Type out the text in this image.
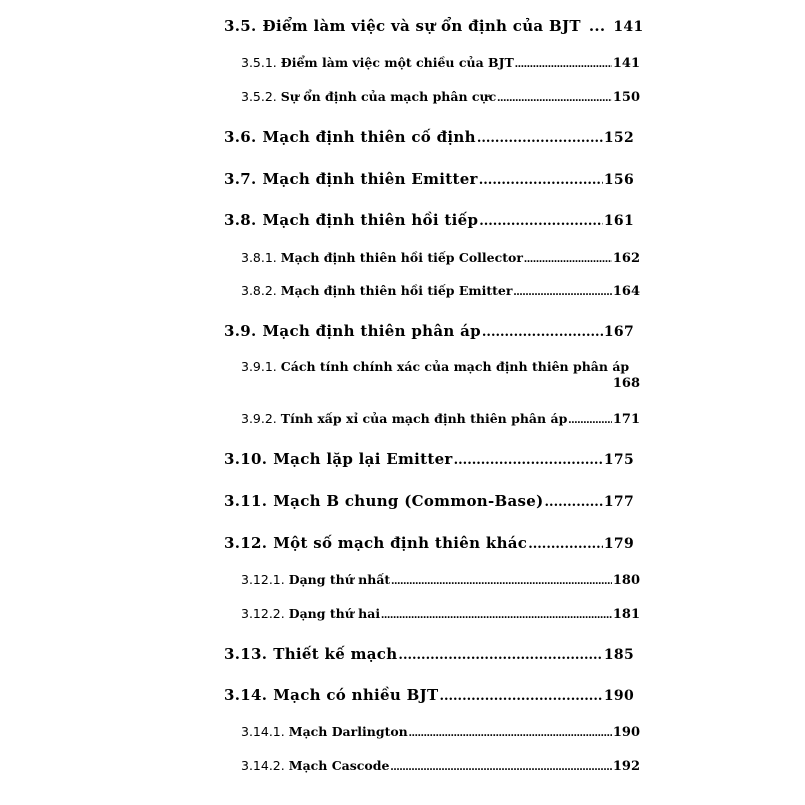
3.5. Điểm làm việc và sự ổn định của BJT ... 141
3.5.1. Điểm làm việc một chiều của BJT .....	141
3.5.2. Sự ổn định của mạch phân cực .....	150
3.6. Mạch định thiên cố định .....	152
3.7. Mạch định thiên Emitter .....	156
3.8. Mạch định thiên hồi tiếp .....	161
3.8.1. Mạch định thiên hồi tiếp Collector .....	162
3.8.2. Mạch định thiên hồi tiếp Emitter .....	164
3.9. Mạch định thiên phân áp .....	167
3.9.1. Cách tính chính xác của mạch định thiên phân áp
168
3.9.2. Tính xấp xỉ của mạch định thiên phân áp .....	171
3.10. Mạch lặp lại Emitter .....	175
3.11. Mạch B chung (Common-Base) .....	177
3.12. Một số mạch định thiên khác .....	179
3.12.1. Dạng thứ nhất .....	180
3.12.2. Dạng thứ hai .....	181
3.13. Thiết kế mạch .....	185
3.14. Mạch có nhiều BJT .....	190
3.14.1. Mạch Darlington .....	190
3.14.2. Mạch Cascode .....	192
